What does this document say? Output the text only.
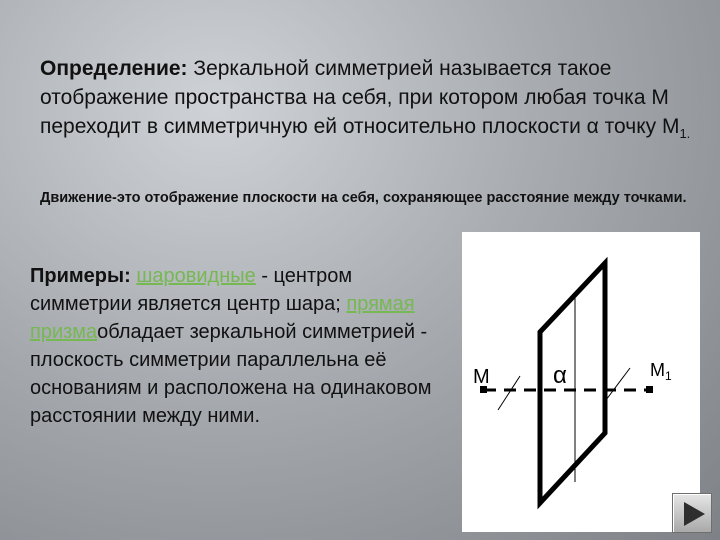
Определение: Зеркальной симметрией называется такое отображение пространства на себя, при котором любая точка М переходит в симметричную ей относительно плоскости α точку $М_{1.}$
Движение-это отображение плоскости на себя, сохраняющее расстояние между точками.
Примеры: шаровидные - центром симметрии является центр шара; прямая призмаобладает зеркальной симметрией - плоскость симметрии параллельна её основаниям и расположена на одинаковом расстоянии между ними.
М	α	$М_1$
